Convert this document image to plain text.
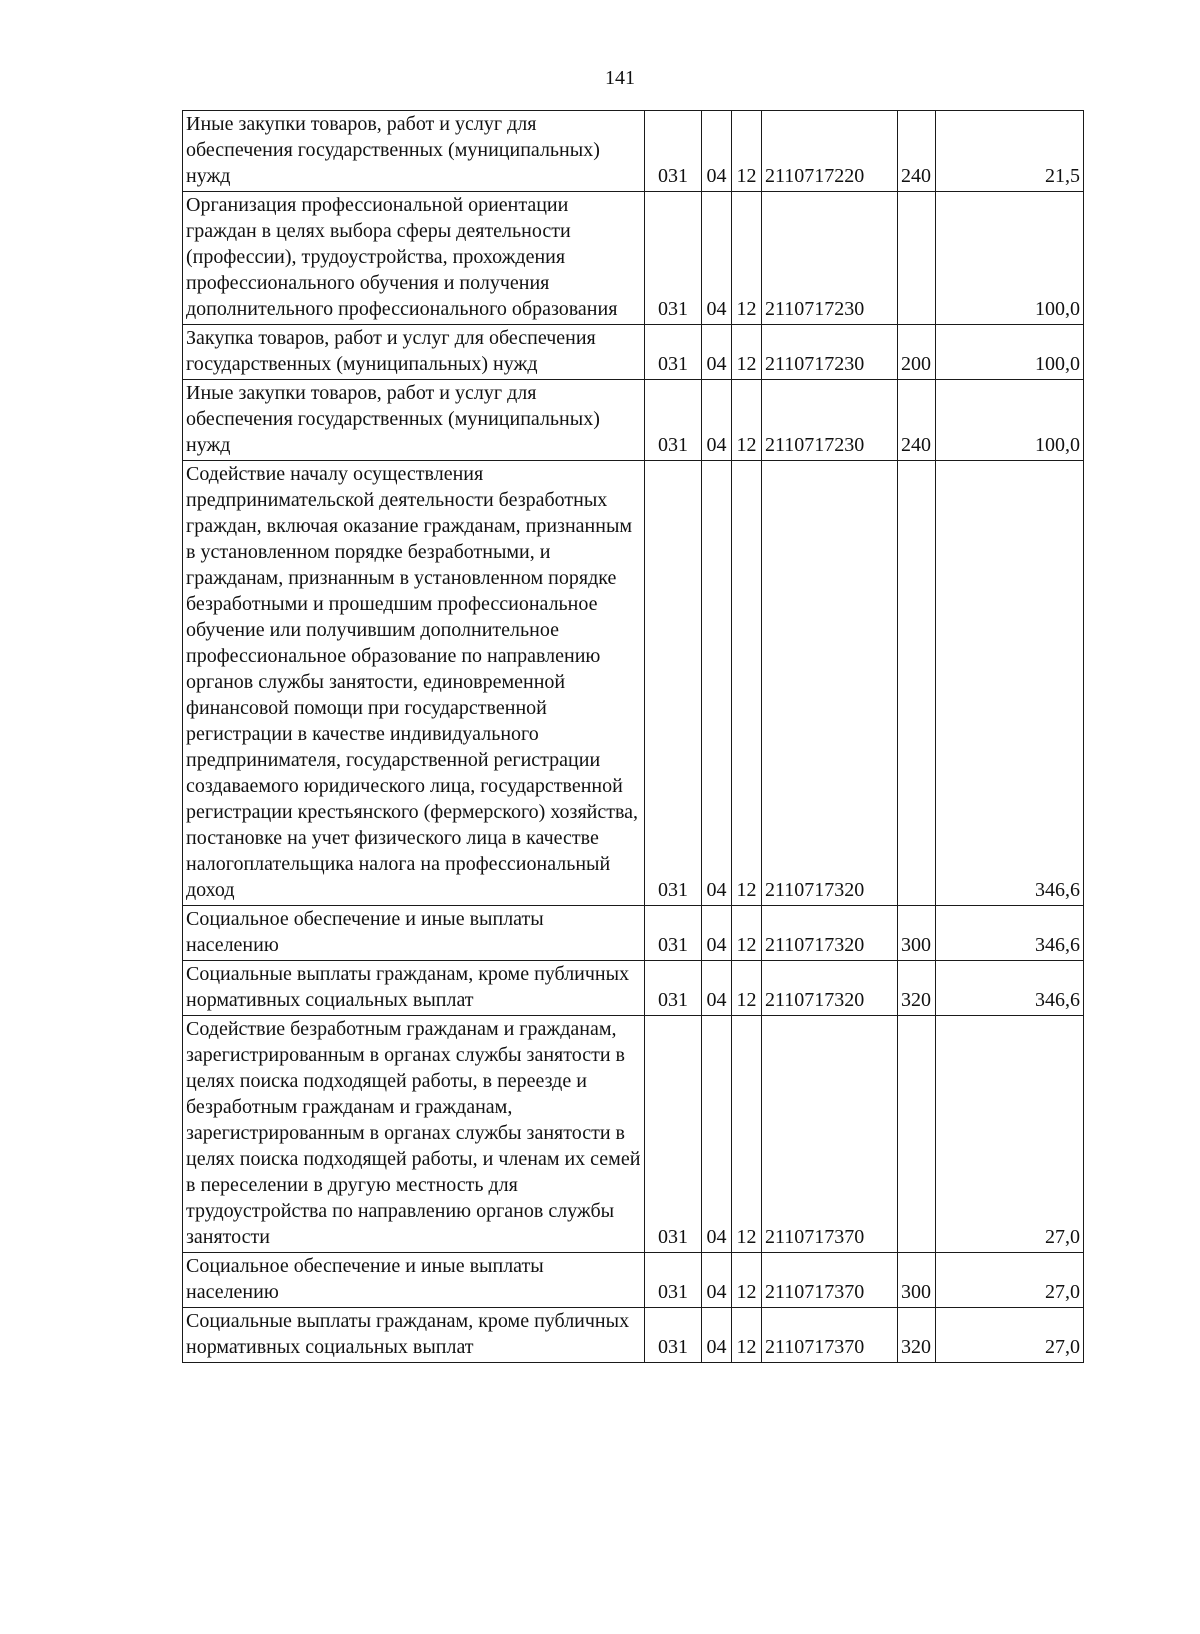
141
Иные закупки товаров, работ и услуг для обеспечения государственных (муниципальных) нужд	031	04	12	2110717220	240	21,5
Организация профессиональной ориентации граждан в целях выбора сферы деятельности (профессии), трудоустройства, прохождения профессионального обучения и получения дополнительного профессионального образования	031	04	12	2110717230		100,0
Закупка товаров, работ и услуг для обеспечения государственных (муниципальных) нужд	031	04	12	2110717230	200	100,0
Иные закупки товаров, работ и услуг для обеспечения государственных (муниципальных) нужд	031	04	12	2110717230	240	100,0
Содействие началу осуществления предпринимательской деятельности безработных граждан, включая оказание гражданам, признанным в установленном порядке безработными, и гражданам, признанным в установленном порядке безработными и прошедшим профессиональное обучение или получившим дополнительное профессиональное образование по направлению органов службы занятости, единовременной финансовой помощи при государственной регистрации в качестве индивидуального предпринимателя, государственной регистрации создаваемого юридического лица, государственной регистрации крестьянского (фермерского) хозяйства, постановке на учет физического лица в качестве налогоплательщика налога на профессиональный доход	031	04	12	2110717320		346,6
Социальное обеспечение и иные выплаты населению	031	04	12	2110717320	300	346,6
Социальные выплаты гражданам, кроме публичных нормативных социальных выплат	031	04	12	2110717320	320	346,6
Содействие безработным гражданам и гражданам, зарегистрированным в органах службы занятости в целях поиска подходящей работы, в переезде и безработным гражданам и гражданам, зарегистрированным в органах службы занятости в целях поиска подходящей работы, и членам их семей в переселении в другую местность для трудоустройства по направлению органов службы занятости	031	04	12	2110717370		27,0
Социальное обеспечение и иные выплаты населению	031	04	12	2110717370	300	27,0
Социальные выплаты гражданам, кроме публичных нормативных социальных выплат	031	04	12	2110717370	320	27,0
